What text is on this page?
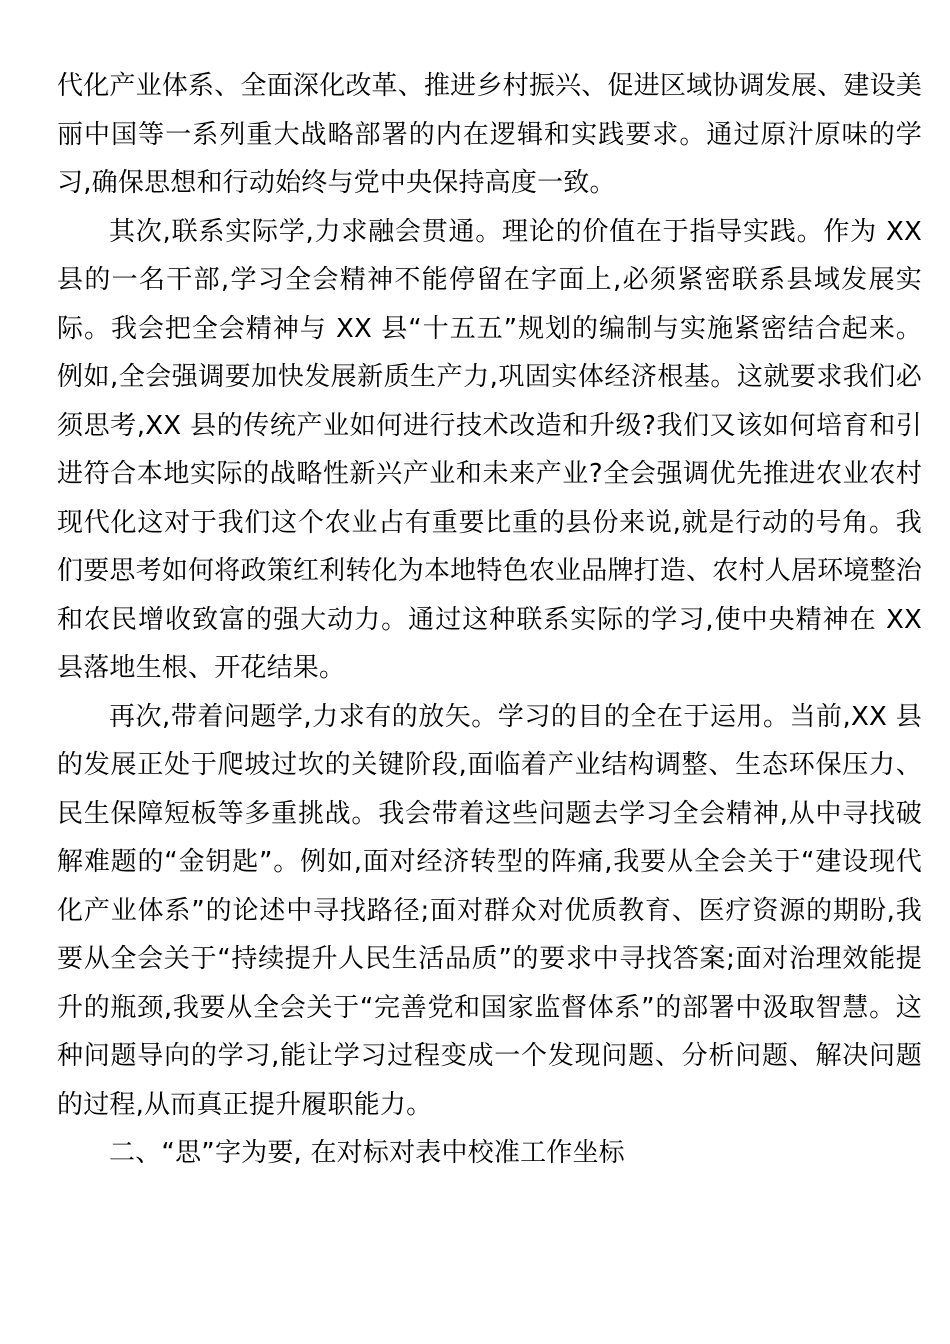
代化产业体系、全面深化改革、推进乡村振兴、促进区域协调发展、建设美丽中国等一系列重大战略部署的内在逻辑和实践要求。通过原汁原味的学习,确保思想和行动始终与党中央保持高度一致。

其次,联系实际学,力求融会贯通。理论的价值在于指导实践。作为 XX 县的一名干部,学习全会精神不能停留在字面上,必须紧密联系县域发展实际。我会把全会精神与 XX 县“十五五”规划的编制与实施紧密结合起来。例如,全会强调要加快发展新质生产力,巩固实体经济根基。这就要求我们必须思考,XX 县的传统产业如何进行技术改造和升级?我们又该如何培育和引进符合本地实际的战略性新兴产业和未来产业?全会强调优先推进农业农村现代化这对于我们这个农业占有重要比重的县份来说,就是行动的号角。我们要思考如何将政策红利转化为本地特色农业品牌打造、农村人居环境整治和农民增收致富的强大动力。通过这种联系实际的学习,使中央精神在 XX 县落地生根、开花结果。

再次,带着问题学,力求有的放矢。学习的目的全在于运用。当前,XX 县的发展正处于爬坡过坎的关键阶段,面临着产业结构调整、生态环保压力、民生保障短板等多重挑战。我会带着这些问题去学习全会精神,从中寻找破解难题的“金钥匙”。例如,面对经济转型的阵痛,我要从全会关于“建设现代化产业体系”的论述中寻找路径;面对群众对优质教育、医疗资源的期盼,我要从全会关于“持续提升人民生活品质”的要求中寻找答案;面对治理效能提升的瓶颈,我要从全会关于“完善党和国家监督体系”的部署中汲取智慧。这种问题导向的学习,能让学习过程变成一个发现问题、分析问题、解决问题的过程,从而真正提升履职能力。

二、“思”字为要, 在对标对表中校准工作坐标
